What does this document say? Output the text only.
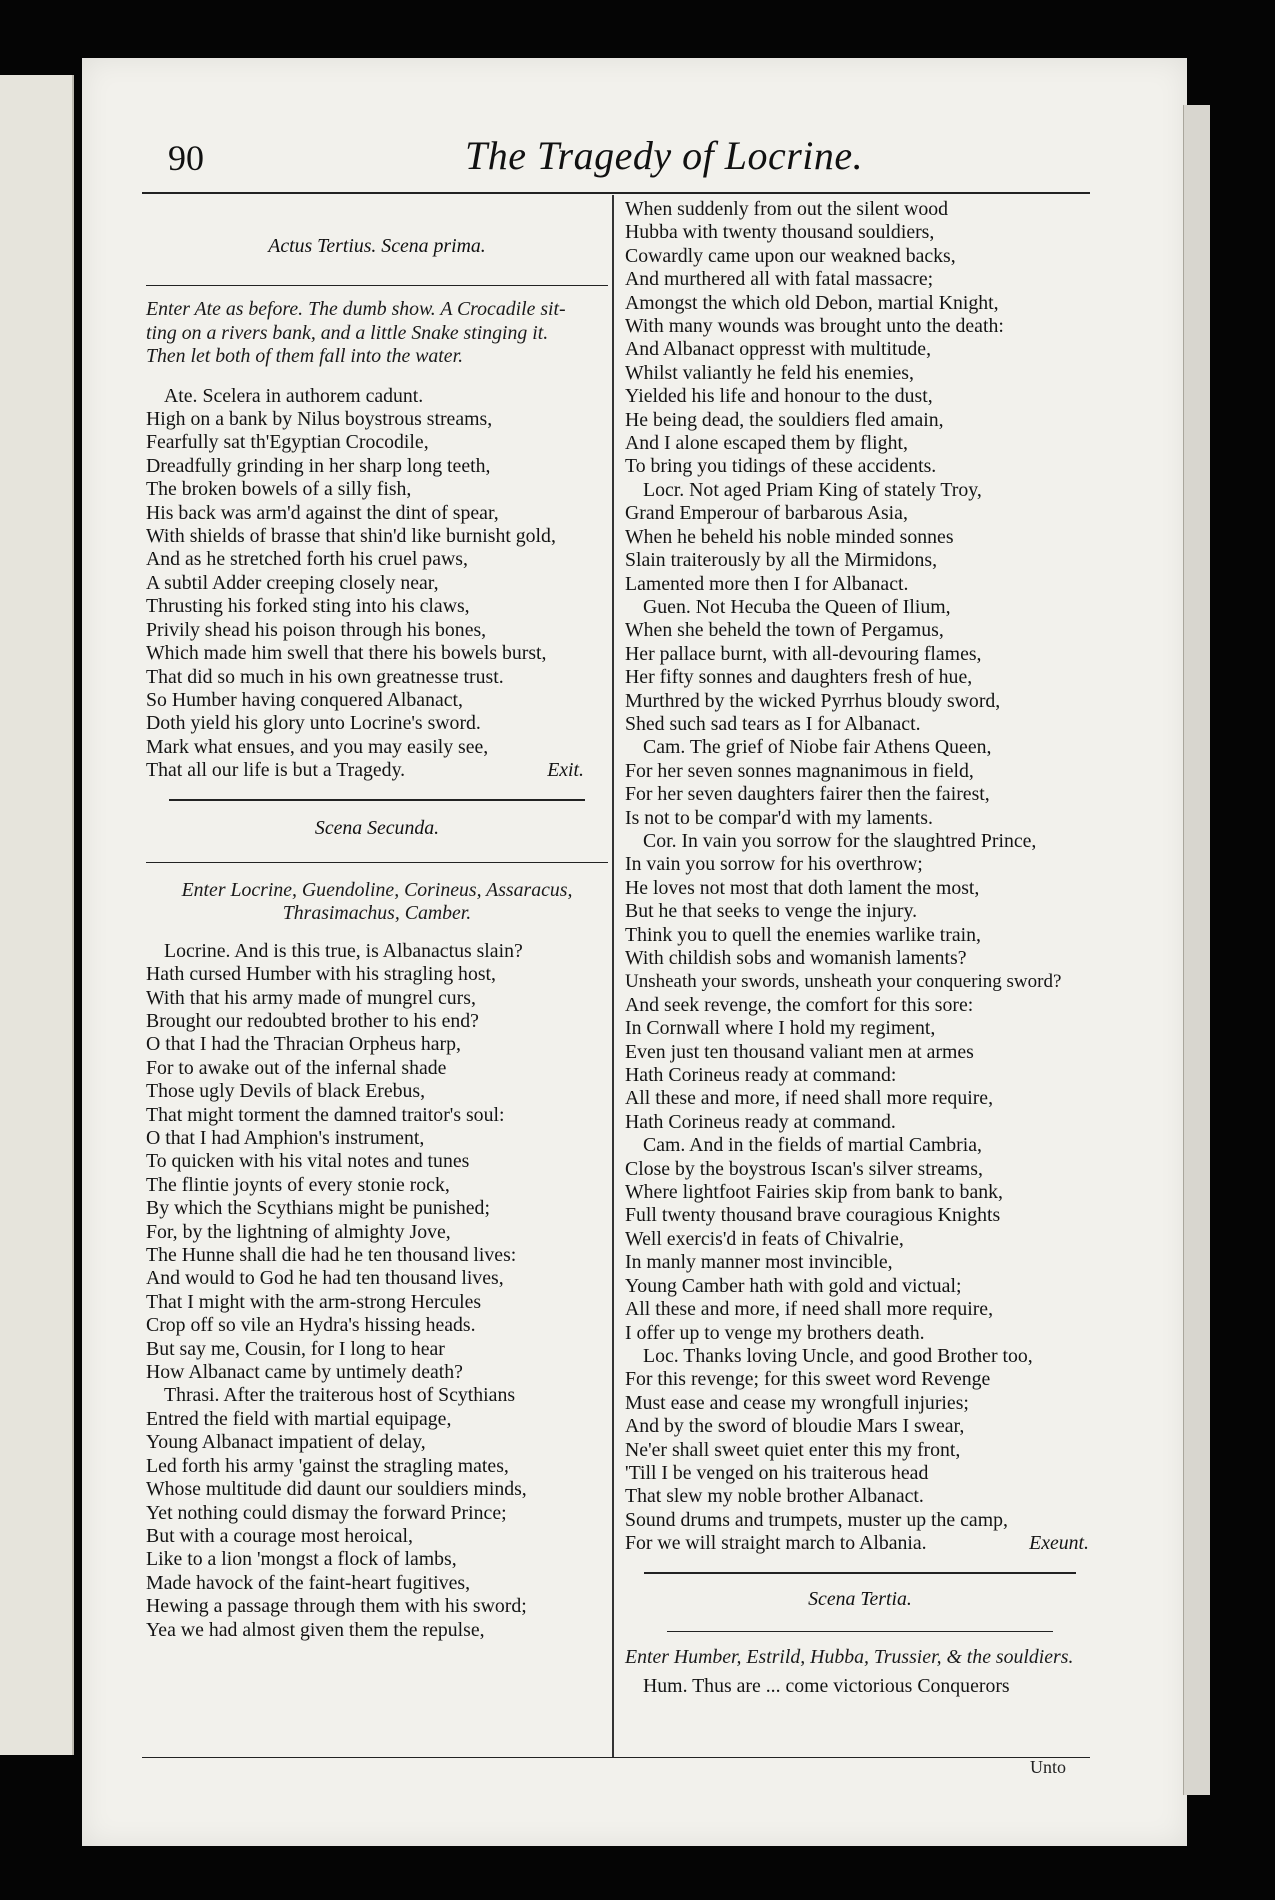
90	The Tragedy of Locrine.

Actus Tertius. Scena prima.

Enter Ate as before. The dumb show. A Crocadile sit-

ting on a rivers bank, and a little Snake stinging it.

Then let both of them fall into the water.

Ate. Scelera in authorem cadunt.

High on a bank by Nilus boystrous streams,

Fearfully sat th'Egyptian Crocodile,

Dreadfully grinding in her sharp long teeth,

The broken bowels of a silly fish,

His back was arm'd against the dint of spear,

With shields of brasse that shin'd like burnisht gold,

And as he stretched forth his cruel paws,

A subtil Adder creeping closely near,

Thrusting his forked sting into his claws,

Privily shead his poison through his bones,

Which made him swell that there his bowels burst,

That did so much in his own greatnesse trust.

So Humber having conquered Albanact,

Doth yield his glory unto Locrine's sword.

Mark what ensues, and you may easily see,

That all our life is but a Tragedy.	Exit.

Scena Secunda.

Enter Locrine, Guendoline, Corineus, Assaracus,

Thrasimachus, Camber.

Locrine. And is this true, is Albanactus slain?

Hath cursed Humber with his stragling host,

With that his army made of mungrel curs,

Brought our redoubted brother to his end?

O that I had the Thracian Orpheus harp,

For to awake out of the infernal shade

Those ugly Devils of black Erebus,

That might torment the damned traitor's soul:

O that I had Amphion's instrument,

To quicken with his vital notes and tunes

The flintie joynts of every stonie rock,

By which the Scythians might be punished;

For, by the lightning of almighty Jove,

The Hunne shall die had he ten thousand lives:

And would to God he had ten thousand lives,

That I might with the arm-strong Hercules

Crop off so vile an Hydra's hissing heads.

But say me, Cousin, for I long to hear

How Albanact came by untimely death?

Thrasi. After the traiterous host of Scythians

Entred the field with martial equipage,

Young Albanact impatient of delay,

Led forth his army 'gainst the stragling mates,

Whose multitude did daunt our souldiers minds,

Yet nothing could dismay the forward Prince;

But with a courage most heroical,

Like to a lion 'mongst a flock of lambs,

Made havock of the faint-heart fugitives,

Hewing a passage through them with his sword;

Yea we had almost given them the repulse,

When suddenly from out the silent wood

Hubba with twenty thousand souldiers,

Cowardly came upon our weakned backs,

And murthered all with fatal massacre;

Amongst the which old Debon, martial Knight,

With many wounds was brought unto the death:

And Albanact oppresst with multitude,

Whilst valiantly he feld his enemies,

Yielded his life and honour to the dust,

He being dead, the souldiers fled amain,

And I alone escaped them by flight,

To bring you tidings of these accidents.

Locr. Not aged Priam King of stately Troy,

Grand Emperour of barbarous Asia,

When he beheld his noble minded sonnes

Slain traiterously by all the Mirmidons,

Lamented more then I for Albanact.

Guen. Not Hecuba the Queen of Ilium,

When she beheld the town of Pergamus,

Her pallace burnt, with all-devouring flames,

Her fifty sonnes and daughters fresh of hue,

Murthred by the wicked Pyrrhus bloudy sword,

Shed such sad tears as I for Albanact.

Cam. The grief of Niobe fair Athens Queen,

For her seven sonnes magnanimous in field,

For her seven daughters fairer then the fairest,

Is not to be compar'd with my laments.

Cor. In vain you sorrow for the slaughtred Prince,

In vain you sorrow for his overthrow;

He loves not most that doth lament the most,

But he that seeks to venge the injury.

Think you to quell the enemies warlike train,

With childish sobs and womanish laments?

Unsheath your swords, unsheath your conquering sword?

And seek revenge, the comfort for this sore:

In Cornwall where I hold my regiment,

Even just ten thousand valiant men at armes

Hath Corineus ready at command:

All these and more, if need shall more require,

Hath Corineus ready at command.

Cam. And in the fields of martial Cambria,

Close by the boystrous Iscan's silver streams,

Where lightfoot Fairies skip from bank to bank,

Full twenty thousand brave couragious Knights

Well exercis'd in feats of Chivalrie,

In manly manner most invincible,

Young Camber hath with gold and victual;

All these and more, if need shall more require,

I offer up to venge my brothers death.

Loc. Thanks loving Uncle, and good Brother too,

For this revenge; for this sweet word Revenge

Must ease and cease my wrongfull injuries;

And by the sword of bloudie Mars I swear,

Ne'er shall sweet quiet enter this my front,

'Till I be venged on his traiterous head

That slew my noble brother Albanact.

Sound drums and trumpets, muster up the camp,

For we will straight march to Albania.	Exeunt.

Scena Tertia.

Enter Humber, Estrild, Hubba, Trussier, & the souldiers.

Hum. Thus are ... come victorious Conquerors

Unto
